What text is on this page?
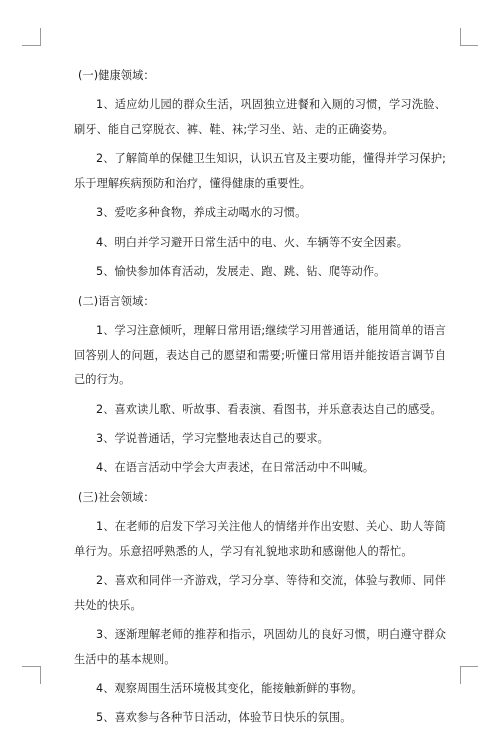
(一)健康领域：

1、适应幼儿园的群众生活，巩固独立进餐和入厕的习惯，学习洗脸、刷牙、能自己穿脱衣、裤、鞋、袜;学习坐、站、走的正确姿势。

2、了解简单的保健卫生知识，认识五官及主要功能，懂得并学习保护;乐于理解疾病预防和治疗，懂得健康的重要性。

3、爱吃多种食物，养成主动喝水的习惯。

4、明白并学习避开日常生活中的电、火、车辆等不安全因素。

5、愉快参加体育活动，发展走、跑、跳、钻、爬等动作。

(二)语言领域：

1、学习注意倾听，理解日常用语;继续学习用普通话，能用简单的语言回答别人的问题，表达自己的愿望和需要;听懂日常用语并能按语言调节自己的行为。

2、喜欢读儿歌、听故事、看表演、看图书，并乐意表达自己的感受。

3、学说普通话，学习完整地表达自己的要求。

4、在语言活动中学会大声表述，在日常活动中不叫喊。

(三)社会领域：

1、在老师的启发下学习关注他人的情绪并作出安慰、关心、助人等简单行为。乐意招呼熟悉的人，学习有礼貌地求助和感谢他人的帮忙。

2、喜欢和同伴一齐游戏，学习分享、等待和交流，体验与教师、同伴共处的快乐。

3、逐渐理解老师的推荐和指示，巩固幼儿的良好习惯，明白遵守群众生活中的基本规则。

4、观察周围生活环境极其变化，能接触新鲜的事物。

5、喜欢参与各种节日活动，体验节日快乐的氛围。
